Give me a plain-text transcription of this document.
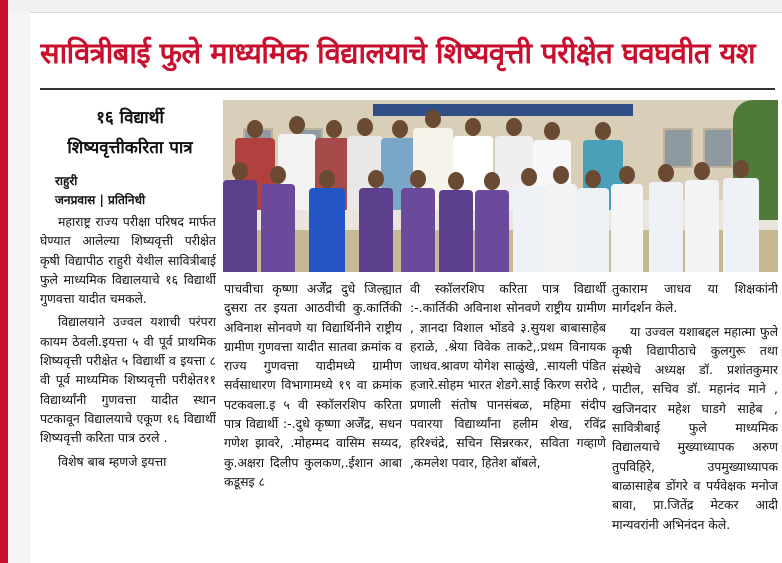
सावित्रीबाई फुले माध्यमिक विद्यालयाचे शिष्यवृत्ती परीक्षेत घवघवीत यश
१६ विद्यार्थी
शिष्यवृत्तीकरिता पात्र
राहुरी
जनप्रवास | प्रतिनिधी

महाराष्ट्र राज्य परीक्षा परिषद मार्फत घेण्यात आलेल्या शिष्यवृत्ती परीक्षेत कृषी विद्यापीठ राहुरी येथील सावित्रीबाई फुले माध्यमिक विद्यालयाचे १६ विद्यार्थी गुणवत्ता यादीत चमकले.

विद्यालयाने उज्वल यशाची परंपरा कायम ठेवली.इयत्ता ५ वी पूर्व प्राथमिक शिष्यवृत्ती परीक्षेत ५ विद्यार्थी व इयत्ता ८ वी पूर्व माध्यमिक शिष्यवृत्ती परीक्षेत११ विद्यार्थ्यांनी गुणवत्ता यादीत स्थान पटकावून विद्यालयाचे एकूण १६ विद्यार्थी शिष्यवृत्ती करिता पात्र ठरले .

विशेष बाब म्हणजे इयत्ता

पाचवीचा कृष्णा अर्जेंद्र दुधे जिल्ह्यात दुसरा तर इयता आठवीची कु.कार्तिकी अविनाश सोनवणे या विद्यार्थिनीने राष्ट्रीय ग्रामीण गुणवत्ता यादीत सातवा क्रमांक व राज्य गुणवत्ता यादीमध्ये ग्रामीण सर्वसाधारण विभागामध्ये १९ वा क्रमांक पटकवला.इ ५ वी स्कॉलरशिप करिता पात्र विद्यार्थी :-.दुधे कृष्णा अर्जेंद्र, सधन गणेश झावरे, .मोहम्मद वासिम सय्यद, कु.अक्षरा दिलीप कुलकण,.ईशान आबा कडूसइ ८

वी स्कॉलरशिप करिता पात्र विद्यार्थी :-.कार्तिकी अविनाश सोनवणे राष्ट्रीय ग्रामीण , ज्ञानदा विशाल भोंडवे ३.सुयश बाबासाहेब हराळे, .श्रेया विवेक ताकटे,.प्रथम विनायक जाधव.श्रावण योगेश साळुंखे, .सायली पंडित हजारे.सोहम भारत शेडगे.साई किरण सरोदे , प्रणाली संतोष पानसंबळ, महिमा संदीप पवारया विद्यार्थ्यांना हलीम शेख, रविंद्र हरिश्चंद्रे, सचिन सिन्नरकर, सविता गव्हाणे ,कमलेश पवार, हितेश बॉबले,

तुकाराम जाधव या शिक्षकांनी मार्गदर्शन केले.

या उज्वल यशाबद्दल महात्मा फुले कृषी विद्यापीठाचे कुलगुरू तथा संस्थेचे अध्यक्ष डॉ. प्रशांतकुमार पाटील, सचिव डॉ. महानंद माने , खजिनदार महेश घाडगे साहेब , सावित्रीबाई फुले माध्यमिक विद्यालयाचे मुख्याध्यापक अरुण तुपविहिरे, उपमुख्याध्यापक बाळासाहेब डोंगरे व पर्यवेक्षक मनोज बावा, प्रा.जितेंद्र मेटकर आदी मान्यवरांनी अभिनंदन केले.
